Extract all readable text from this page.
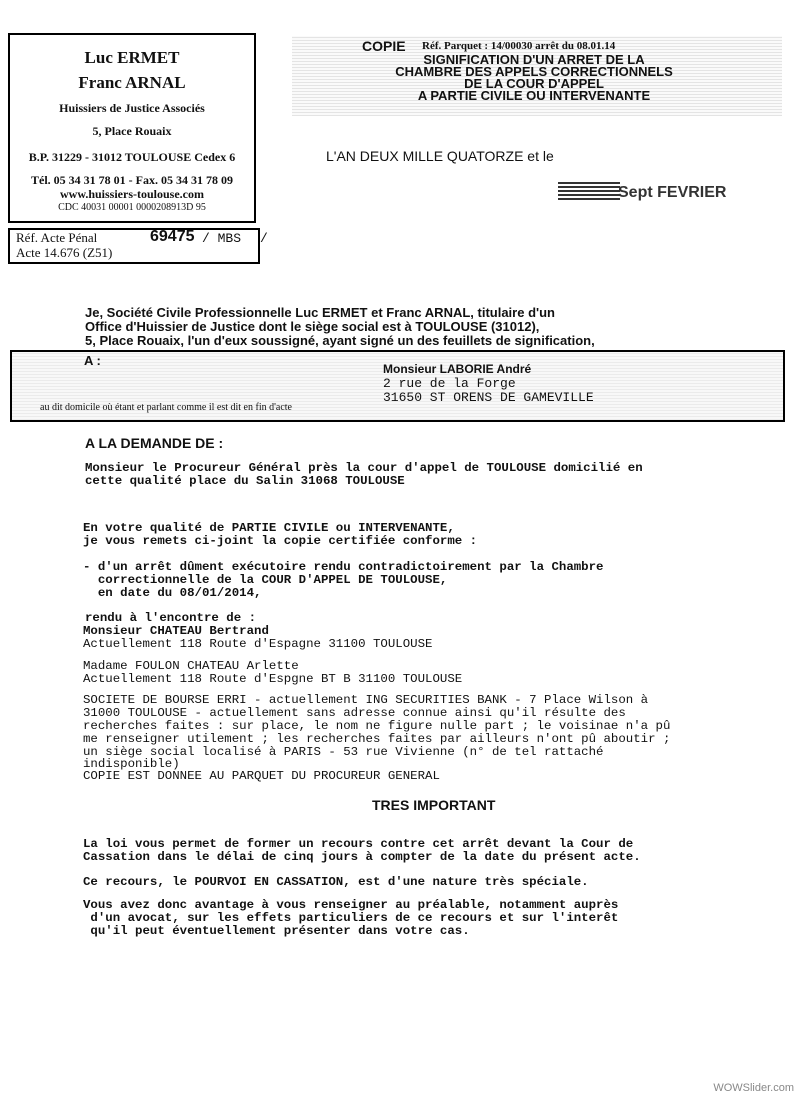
Luc ERMET
Franc ARNAL
Huissiers de Justice Associés
5, Place Rouaix
B.P. 31229 - 31012 TOULOUSE Cedex 6
Tél. 05 34 31 78 01 - Fax. 05 34 31 78 09
www.huissiers-toulouse.com
CDC 40031 00001 0000208913D 95
COPIE Réf. Parquet : 14/00030 arrêt du 08.01.14
SIGNIFICATION D'UN ARRET DE LA
CHAMBRE DES APPELS CORRECTIONNELS
DE LA COUR D'APPEL
A PARTIE CIVILE OU INTERVENANTE
L'AN DEUX MILLE QUATORZE et le
Sept FEVRIER
Réf. Acte Pénal	69475 / MBS /
Acte 14.676 (Z51)
Je, Société Civile Professionnelle Luc ERMET et Franc ARNAL, titulaire d'un
Office d'Huissier de Justice dont le siège social est à TOULOUSE (31012),
5, Place Rouaix, l'un d'eux soussigné, ayant signé un des feuillets de signification,
A :
Monsieur LABORIE André
2 rue de la Forge
31650 ST ORENS DE GAMEVILLE
au dit domicile où étant et parlant comme il est dit en fin d'acte
A LA DEMANDE DE :
Monsieur le Procureur Général près la cour d'appel de TOULOUSE domicilié en
cette qualité place du Salin 31068 TOULOUSE
En votre qualité de PARTIE CIVILE ou INTERVENANTE,
je vous remets ci-joint la copie certifiée conforme :
- d'un arrêt dûment exécutoire rendu contradictoirement par la Chambre
correctionnelle de la COUR D'APPEL DE TOULOUSE,
en date du 08/01/2014,
rendu à l'encontre de :
Monsieur CHATEAU Bertrand
Actuellement 118 Route d'Espagne 31100 TOULOUSE
Madame FOULON CHATEAU Arlette
Actuellement 118 Route d'Espgne BT B 31100 TOULOUSE
SOCIETE DE BOURSE ERRI - actuellement ING SECURITIES BANK - 7 Place Wilson à
31000 TOULOUSE - actuellement sans adresse connue ainsi qu'il résulte des
recherches faites : sur place, le nom ne figure nulle part ; le voisinae n'a pû
me renseigner utilement ; les recherches faites par ailleurs n'ont pû aboutir ;
un siège social localisé à PARIS - 53 rue Vivienne (n° de tel rattaché
indisponible)
COPIE EST DONNEE AU PARQUET DU PROCUREUR GENERAL
TRES IMPORTANT
La loi vous permet de former un recours contre cet arrêt devant la Cour de
Cassation dans le délai de cinq jours à compter de la date du présent acte.
Ce recours, le POURVOI EN CASSATION, est d'une nature très spéciale.
Vous avez donc avantage à vous renseigner au préalable, notamment auprès
d'un avocat, sur les effets particuliers de ce recours et sur l'interêt
qu'il peut éventuellement présenter dans votre cas.
WOWSlider.com
